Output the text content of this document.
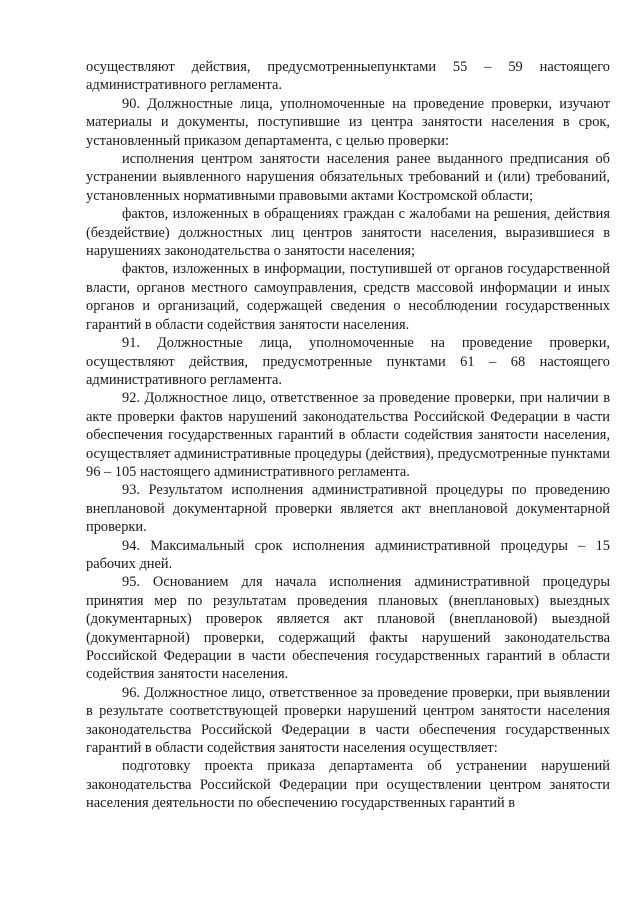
осуществляют действия, предусмотренныепунктами 55 – 59 настоящего административного регламента.

90. Должностные лица, уполномоченные на проведение проверки, изучают материалы и документы, поступившие из центра занятости населения в срок, установленный приказом департамента, с целью проверки:

исполнения центром занятости населения ранее выданного предписания об устранении выявленного нарушения обязательных требований и (или) требований, установленных нормативными правовыми актами Костромской области;

фактов, изложенных в обращениях граждан с жалобами на решения, действия (бездействие) должностных лиц центров занятости населения, выразившиеся в нарушениях законодательства о занятости населения;

фактов, изложенных в информации, поступившей от органов государственной власти, органов местного самоуправления, средств массовой информации и иных органов и организаций, содержащей сведения о несоблюдении государственных гарантий в области содействия занятости населения.

91. Должностные лица, уполномоченные на проведение проверки, осуществляют действия, предусмотренные пунктами 61 – 68 настоящего административного регламента.

92. Должностное лицо, ответственное за проведение проверки, при наличии в акте проверки фактов нарушений законодательства Российской Федерации в части обеспечения государственных гарантий в области содействия занятости населения, осуществляет административные процедуры (действия), предусмотренные пунктами 96 – 105 настоящего административного регламента.

93. Результатом исполнения административной процедуры по проведению внеплановой документарной проверки является акт внеплановой документарной проверки.

94. Максимальный срок исполнения административной процедуры – 15 рабочих дней.

95. Основанием для начала исполнения административной процедуры принятия мер по результатам проведения плановых (внеплановых) выездных (документарных) проверок является акт плановой (внеплановой) выездной (документарной) проверки, содержащий факты нарушений законодательства Российской Федерации в части обеспечения государственных гарантий в области содействия занятости населения.

96. Должностное лицо, ответственное за проведение проверки, при выявлении в результате соответствующей проверки нарушений центром занятости населения законодательства Российской Федерации в части обеспечения государственных гарантий в области содействия занятости населения осуществляет:

подготовку проекта приказа департамента об устранении нарушений законодательства Российской Федерации при осуществлении центром занятости населения деятельности по обеспечению государственных гарантий в
